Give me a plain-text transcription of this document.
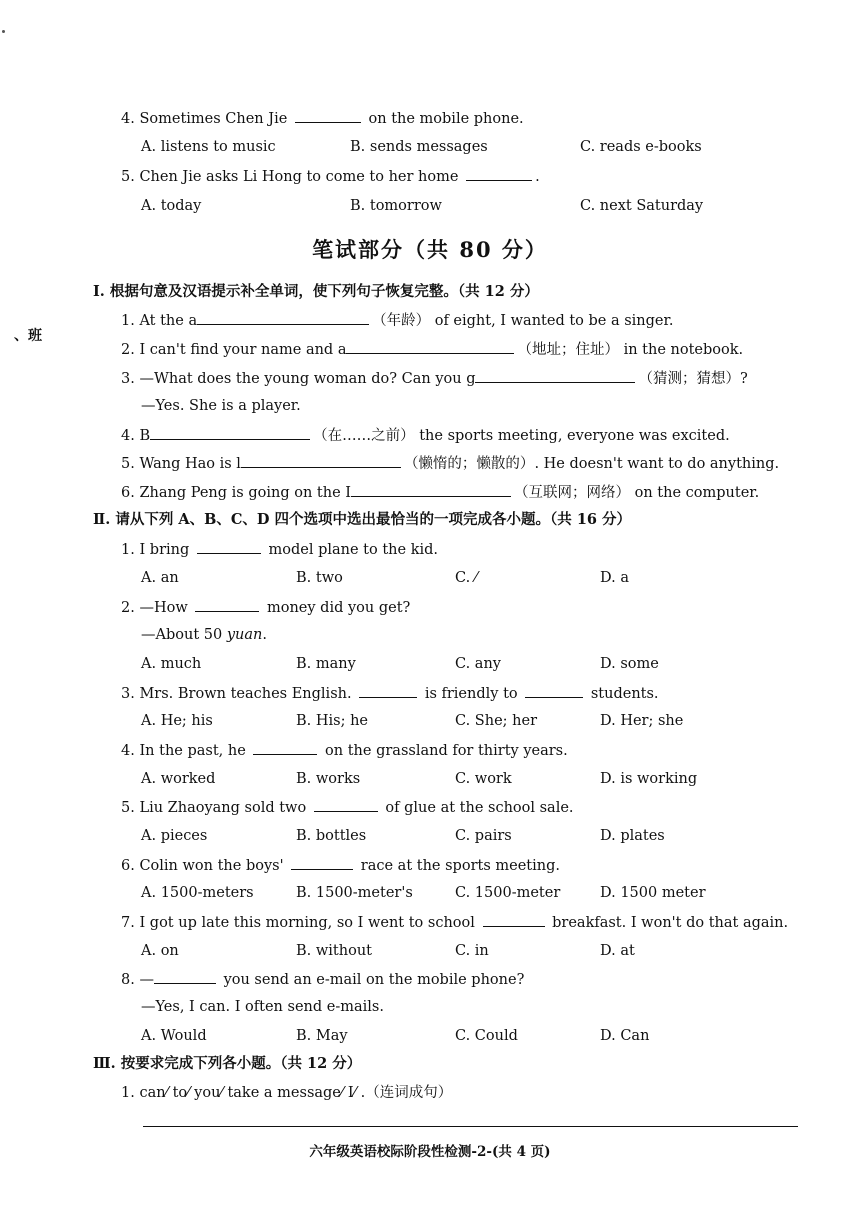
4. Sometimes Chen Jie	on the mobile phone.
A. listens to music	B. sends messages	C. reads e-books
5. Chen Jie asks Li Hong to come to her home	.
A. today	B. tomorrow	C. next Saturday
笔试部分（共 80 分）
、班
Ⅰ. 根据句意及汉语提示补全单词，使下列句子恢复完整。（共 12 分）
1. At the a	（年龄） of eight, I wanted to be a singer.
2. I can't find your name and a	（地址；住址） in the notebook.
3. —What does the young woman do? Can you g	（猜测；猜想）?
—Yes. She is a player.
4. B	（在……之前） the sports meeting, everyone was excited.
5. Wang Hao is l	（懒惰的；懒散的）. He doesn't want to do anything.
6. Zhang Peng is going on the I	（互联网；网络） on the computer.
Ⅱ. 请从下列 A、B、C、D 四个选项中选出最恰当的一项完成各小题。（共 16 分）
1. I bring	model plane to the kid.
A. an	B. two	C. ⁄	D. a
2. —How	money did you get?
—About 50 yuan.
A. much	B. many	C. any	D. some
3. Mrs. Brown teaches English.	is friendly to	students.
A. He; his	B. His; he	C. She; her	D. Her; she
4. In the past, he	on the grassland for thirty years.
A. worked	B. works	C. work	D. is working
5. Liu Zhaoyang sold two	of glue at the school sale.
A. pieces	B. bottles	C. pairs	D. plates
6. Colin won the boys'	race at the sports meeting.
A. 1500-meters	B. 1500-meter's	C. 1500-meter	D. 1500 meter
7. I got up late this morning, so I went to school	breakfast. I won't do that again.
A. on	B. without	C. in	D. at
8. —	you send an e-mail on the mobile phone?
—Yes, I can. I often send e-mails.
A. Would	B. May	C. Could	D. Can
Ⅲ. 按要求完成下列各小题。（共 12 分）
1. can⁄ to⁄ you⁄ take a message⁄ I⁄ .（连词成句）
六年级英语校际阶段性检测-2-(共 4 页)
